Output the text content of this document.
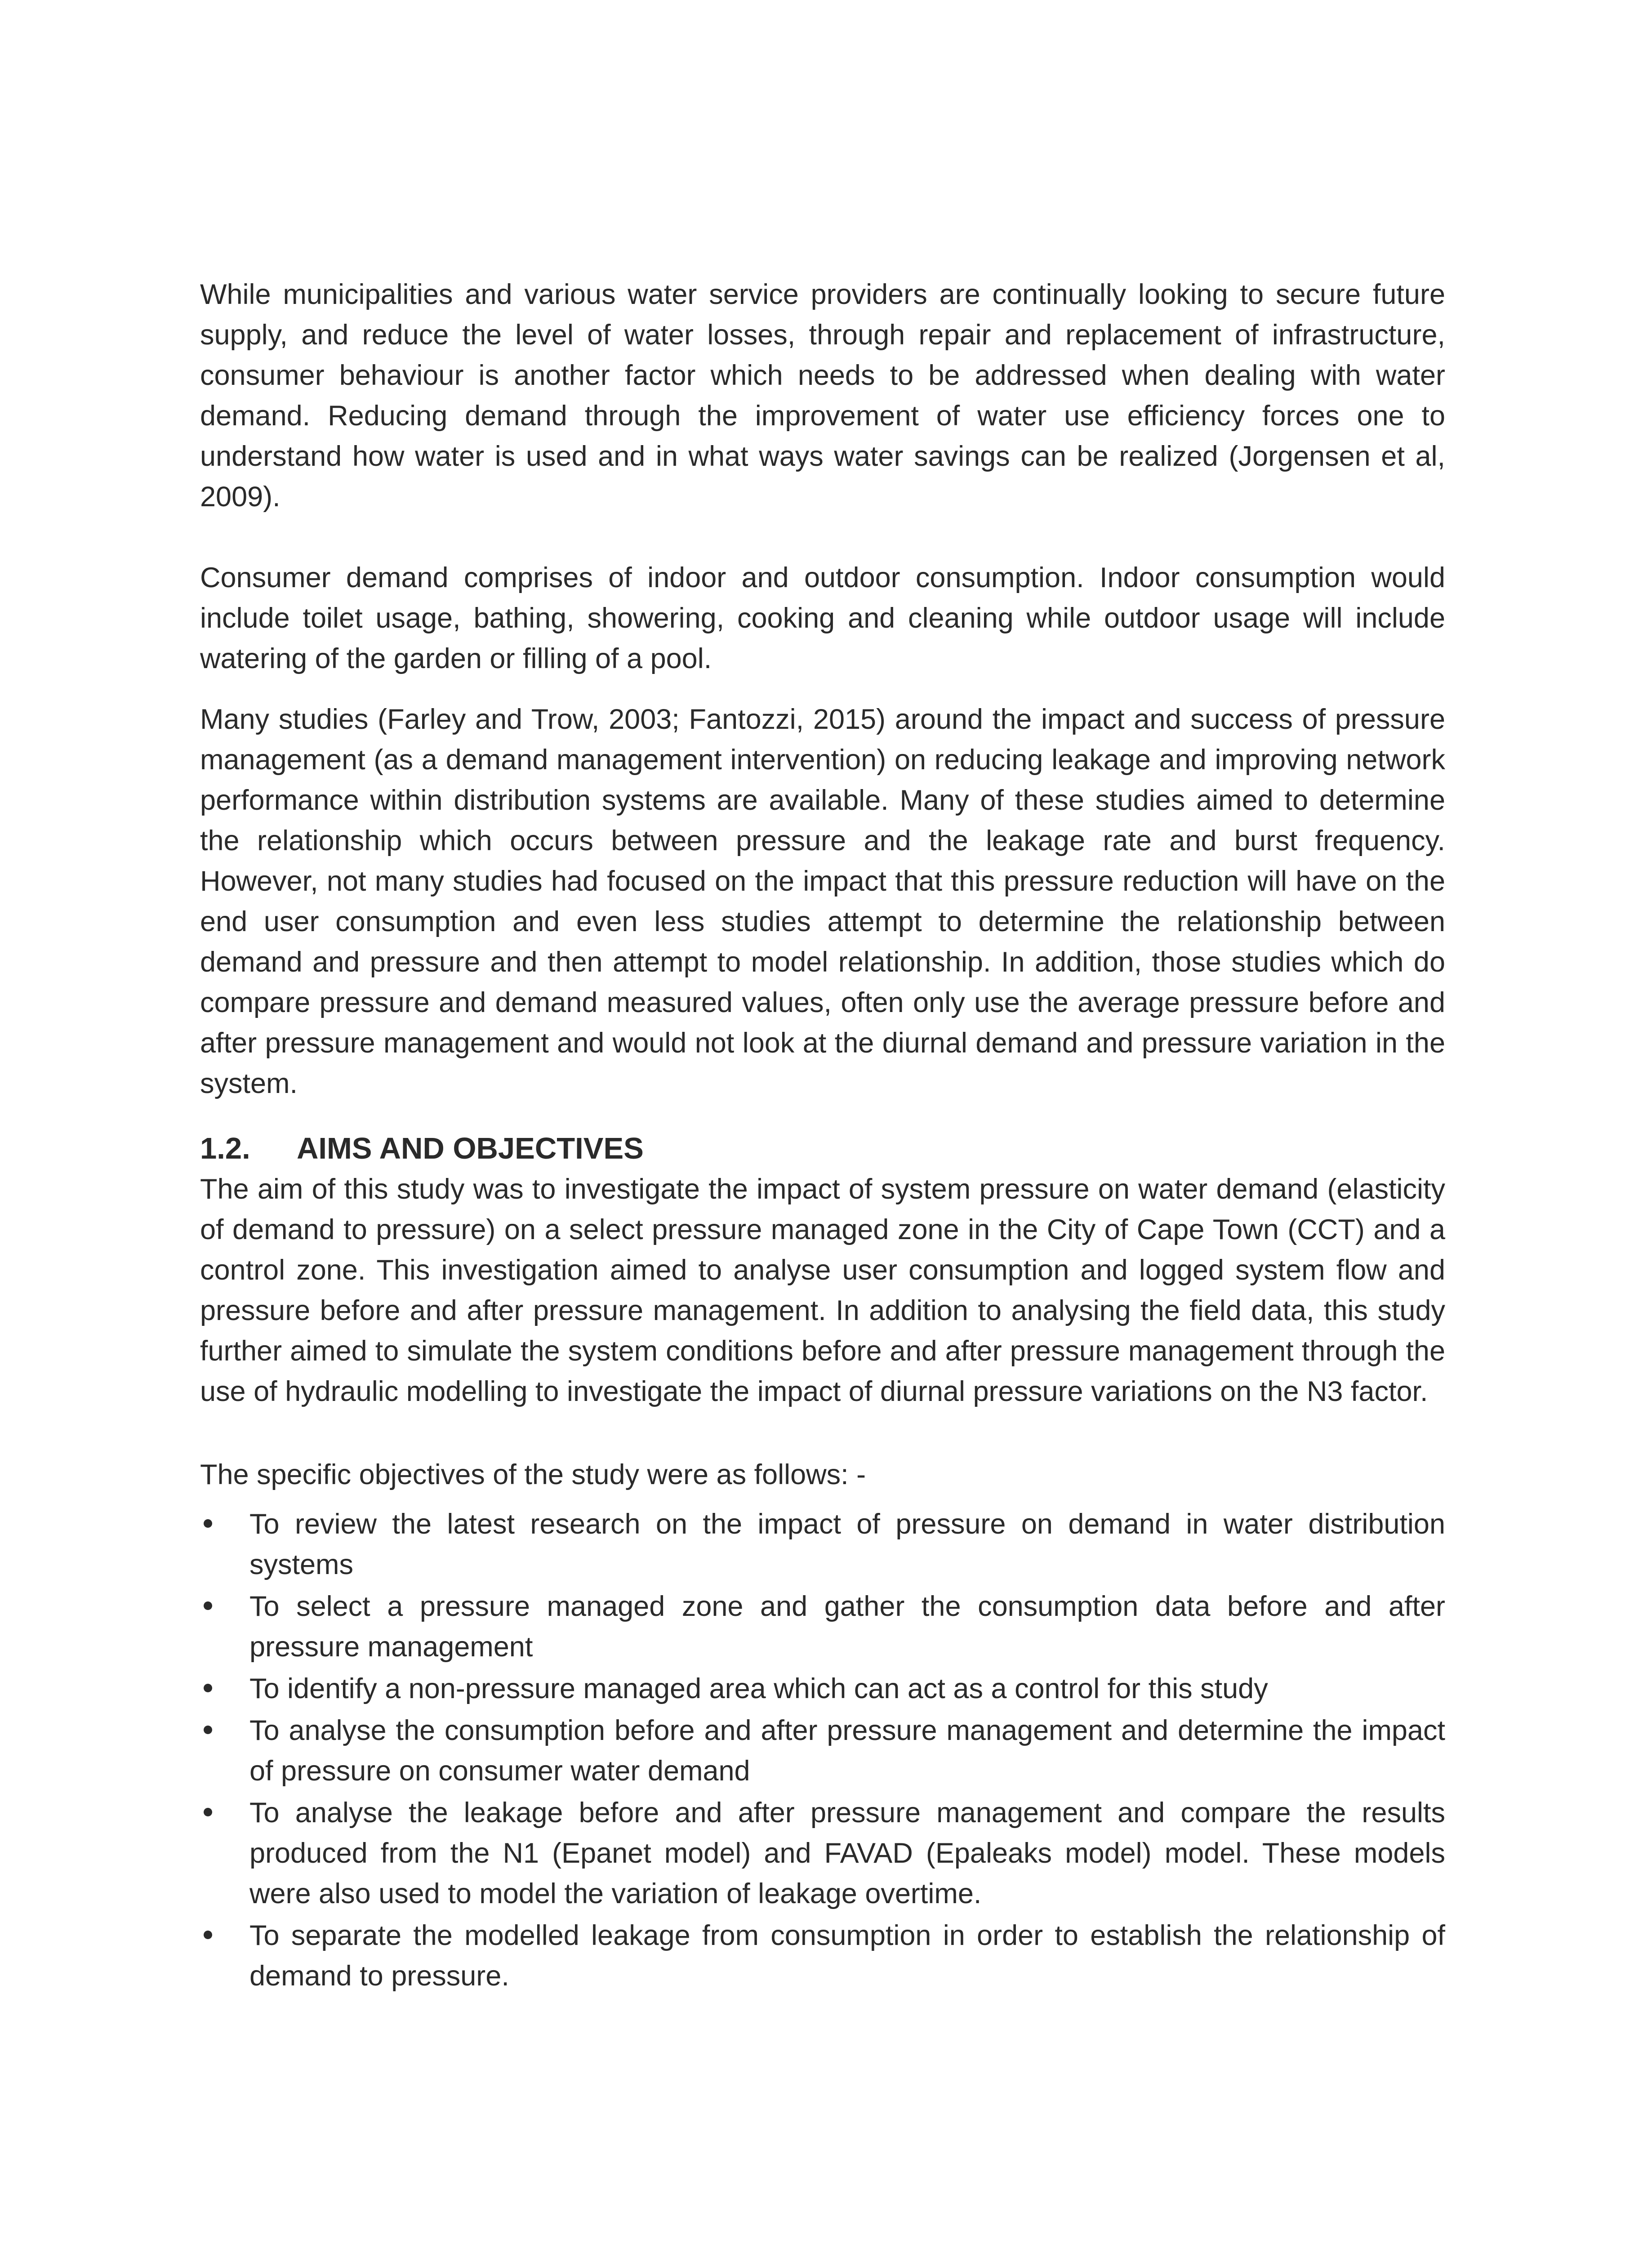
While municipalities and various water service providers are continually looking to secure future supply, and reduce the level of water losses, through repair and replacement of infrastructure, consumer behaviour is another factor which needs to be addressed when dealing with water demand. Reducing demand through the improvement of water use efficiency forces one to understand how water is used and in what ways water savings can be realized (Jorgensen et al, 2009).

Consumer demand comprises of indoor and outdoor consumption. Indoor consumption would include toilet usage, bathing, showering, cooking and cleaning while outdoor usage will include watering of the garden or filling of a pool.

Many studies (Farley and Trow, 2003; Fantozzi, 2015) around the impact and success of pressure management (as a demand management intervention) on reducing leakage and improving network performance within distribution systems are available. Many of these studies aimed to determine the relationship which occurs between pressure and the leakage rate and burst frequency. However, not many studies had focused on the impact that this pressure reduction will have on the end user consumption and even less studies attempt to determine the relationship between demand and pressure and then attempt to model relationship. In addition, those studies which do compare pressure and demand measured values, often only use the average pressure before and after pressure management and would not look at the diurnal demand and pressure variation in the system.

1.2.	AIMS AND OBJECTIVES

The aim of this study was to investigate the impact of system pressure on water demand (elasticity of demand to pressure) on a select pressure managed zone in the City of Cape Town (CCT) and a control zone. This investigation aimed to analyse user consumption and logged system flow and pressure before and after pressure management. In addition to analysing the field data, this study further aimed to simulate the system conditions before and after pressure management through the use of hydraulic modelling to investigate the impact of diurnal pressure variations on the N3 factor.

The specific objectives of the study were as follows: -

To review the latest research on the impact of pressure on demand in water distribution systems
To select a pressure managed zone and gather the consumption data before and after pressure management
To identify a non-pressure managed area which can act as a control for this study
To analyse the consumption before and after pressure management and determine the impact of pressure on consumer water demand
To analyse the leakage before and after pressure management and compare the results produced from the N1 (Epanet model) and FAVAD (Epaleaks model) model. These models were also used to model the variation of leakage overtime.
To separate the modelled leakage from consumption in order to establish the relationship of demand to pressure.
